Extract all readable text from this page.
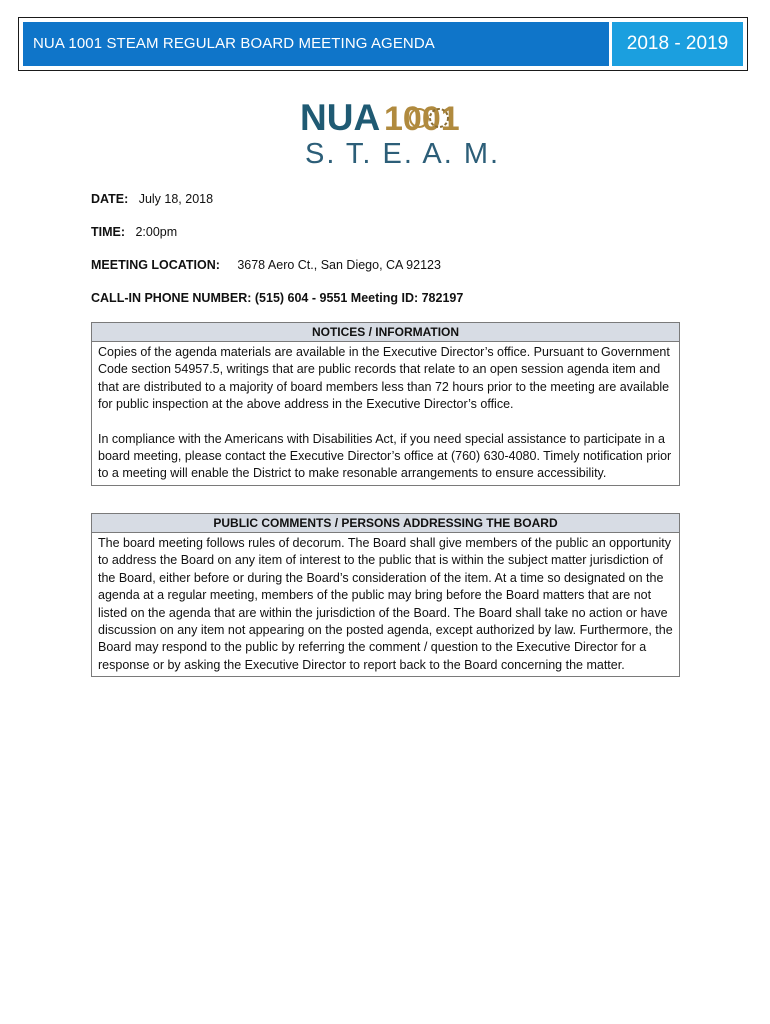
NUA 1001 STEAM REGULAR BOARD MEETING AGENDA	2018 - 2019
NUA 1001
S. T. E. A. M.
DATE: July 18, 2018
TIME: 2:00pm
MEETING LOCATION: 3678 Aero Ct., San Diego, CA 92123
CALL-IN PHONE NUMBER: (515) 604 - 9551 Meeting ID: 782197
NOTICES / INFORMATION

Copies of the agenda materials are available in the Executive Director’s office. Pursuant to Government Code section 54957.5, writings that are public records that relate to an open session agenda item and that are distributed to a majority of board members less than 72 hours prior to the meeting are available for public inspection at the above address in the Executive Director’s office.

In compliance with the Americans with Disabilities Act, if you need special assistance to participate in a board meeting, please contact the Executive Director’s office at (760) 630-4080. Timely notification prior to a meeting will enable the District to make resonable arrangements to ensure accessibility.

PUBLIC COMMENTS / PERSONS ADDRESSING THE BOARD

The board meeting follows rules of decorum. The Board shall give members of the public an opportunity to address the Board on any item of interest to the public that is within the subject matter jurisdiction of the Board, either before or during the Board’s consideration of the item. At a time so designated on the agenda at a regular meeting, members of the public may bring before the Board matters that are not listed on the agenda that are within the jurisdiction of the Board. The Board shall take no action or have discussion on any item not appearing on the posted agenda, except authorized by law. Furthermore, the Board may respond to the public by referring the comment / question to the Executive Director for a response or by asking the Executive Director to report back to the Board concerning the matter.
